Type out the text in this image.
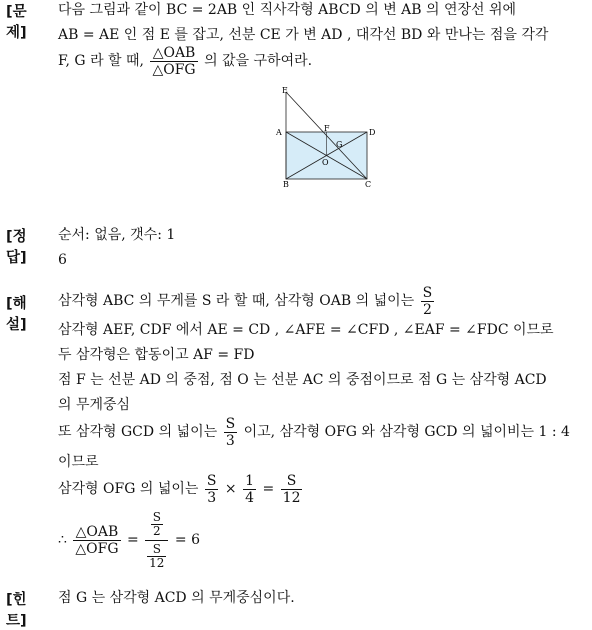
[문제]
다음 그림과 같이 BC = 2AB 인 직사각형 ABCD 의 변 AB 의 연장선 위에
AB = AE 인 점 E 를 잡고, 선분 CE 가 변 AD , 대각선 BD 와 만나는 점을 각각
F, G 라 할 때, $\frac{\text{△OAB}}{\text{△OFG}}$ 의 값을 구하여라.
E
A	F	D
G
O
B	C
[정답]
순서: 없음, 갯수: 1
6
[해설]
삼각형 ABC 의 무게를 S 라 할 때, 삼각형 OAB 의 넓이는 $\frac{S}{2}$
삼각형 AEF, CDF 에서 AE = CD , ∠AFE = ∠CFD , ∠EAF = ∠FDC 이므로
두 삼각형은 합동이고 AF = FD
점 F 는 선분 AD 의 중점, 점 O 는 선분 AC 의 중점이므로 점 G 는 삼각형 ACD
의 무게중심
또 삼각형 GCD 의 넓이는 $\frac{S}{3}$ 이고, 삼각형 OFG 와 삼각형 GCD 의 넓이비는 1 : 4
이므로
삼각형 OFG 의 넓이는 $\frac{S}{3} \times \frac{1}{4} = \frac{S}{12}$
∴ $\frac{\text{△OAB}}{\text{△OFG}} = \frac{\frac{S}{2}}{\frac{S}{12}} = 6$
[힌트]
점 G 는 삼각형 ACD 의 무게중심이다.
